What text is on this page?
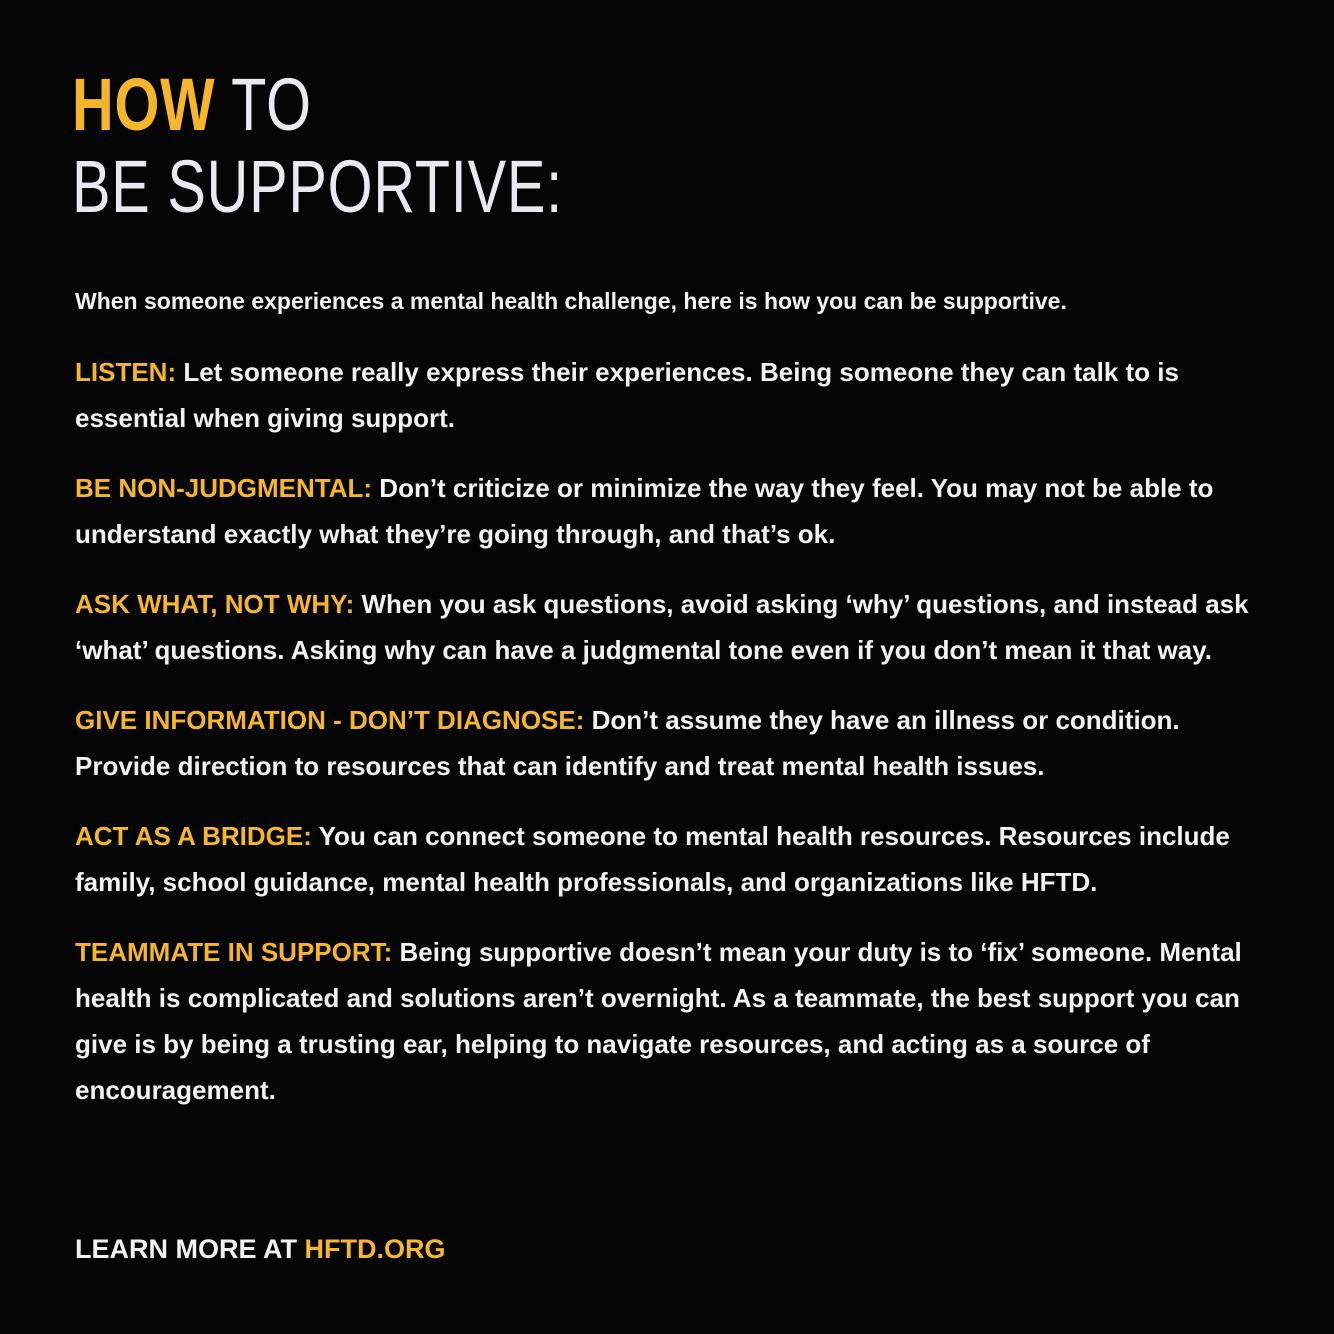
HOW TO
BE SUPPORTIVE:

When someone experiences a mental health challenge, here is how you can be supportive.

LISTEN: Let someone really express their experiences. Being someone they can talk to is essential when giving support.

BE NON-JUDGMENTAL: Don’t criticize or minimize the way they feel. You may not be able to understand exactly what they’re going through, and that’s ok.

ASK WHAT, NOT WHY: When you ask questions, avoid asking ‘why’ questions, and instead ask ‘what’ questions. Asking why can have a judgmental tone even if you don’t mean it that way.

GIVE INFORMATION - DON’T DIAGNOSE: Don’t assume they have an illness or condition. Provide direction to resources that can identify and treat mental health issues.

ACT AS A BRIDGE: You can connect someone to mental health resources. Resources include family, school guidance, mental health professionals, and organizations like HFTD.

TEAMMATE IN SUPPORT: Being supportive doesn’t mean your duty is to ‘fix’ someone. Mental health is complicated and solutions aren’t overnight. As a teammate, the best support you can give is by being a trusting ear, helping to navigate resources, and acting as a source of encouragement.

LEARN MORE AT HFTD.ORG
